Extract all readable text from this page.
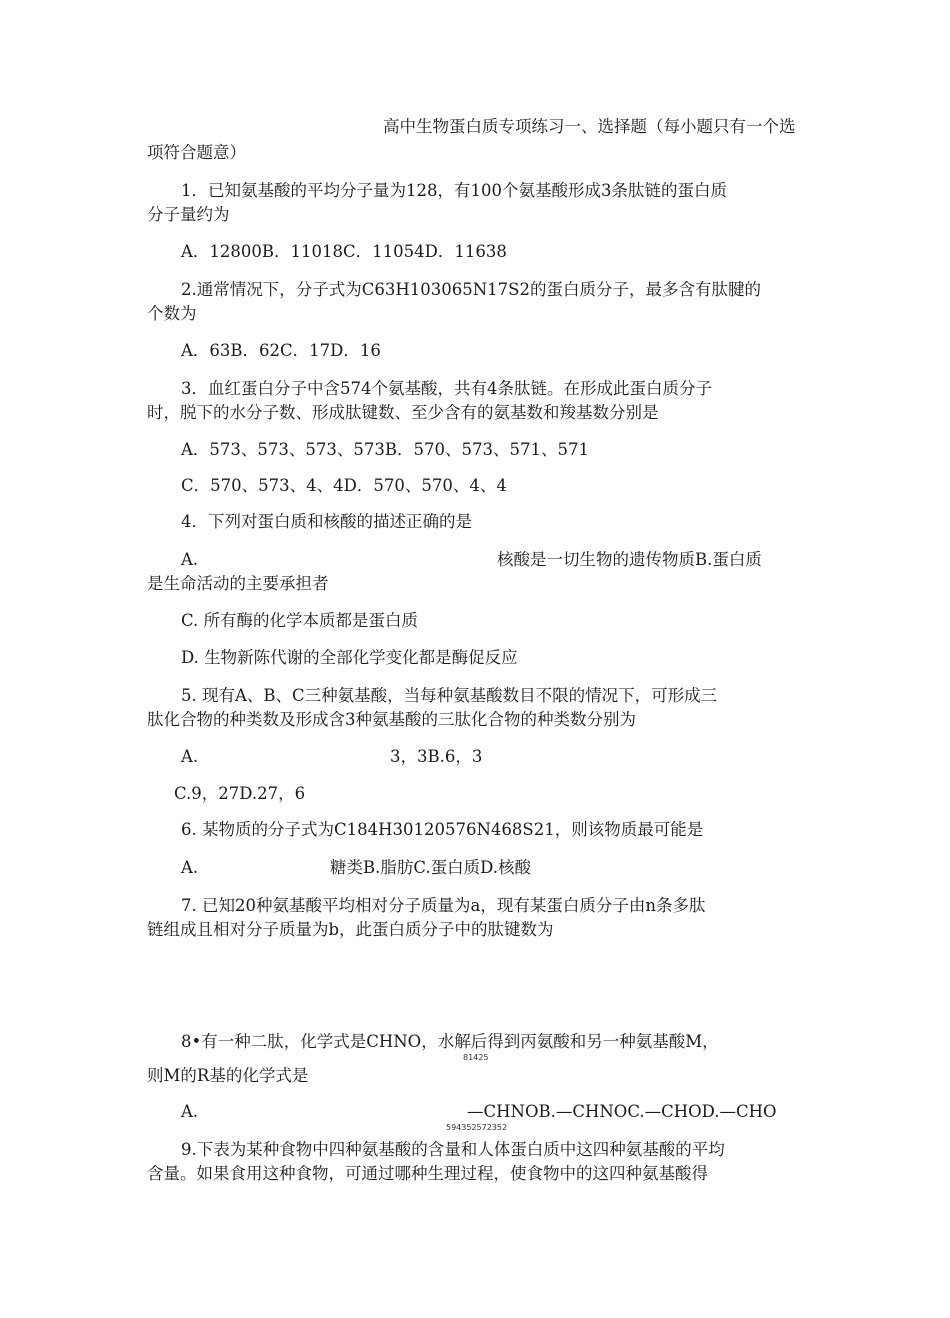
高中生物蛋白质专项练习一、选择题（每小题只有一个选
项符合题意）
1．已知氨基酸的平均分子量为128，有100个氨基酸形成3条肽链的蛋白质
分子量约为
A．12800B．11018C．11054D．11638
2.通常情况下，分子式为C63H103065N17S2的蛋白质分子，最多含有肽腱的
个数为
A．63B．62C．17D．16
3．血红蛋白分子中含574个氨基酸，共有4条肽链。在形成此蛋白质分子
时，脱下的水分子数、形成肽键数、至少含有的氨基数和羧基数分别是
A．573、573、573、573B．570、573、571、571
C．570、573、4、4D．570、570、4、4
4．下列对蛋白质和核酸的描述正确的是
A.	核酸是一切生物的遗传物质B.蛋白质
是生命活动的主要承担者
C. 所有酶的化学本质都是蛋白质
D. 生物新陈代谢的全部化学变化都是酶促反应
5. 现有A、B、C三种氨基酸，当每种氨基酸数目不限的情况下，可形成三
肽化合物的种类数及形成含3种氨基酸的三肽化合物的种类数分别为
A.	3，3B.6，3
C.9，27D.27，6
6. 某物质的分子式为C184H30120576N468S21，则该物质最可能是
A.	糖类B.脂肪C.蛋白质D.核酸
7. 已知20种氨基酸平均相对分子质量为a，现有某蛋白质分子由n条多肽
链组成且相对分子质量为b，此蛋白质分子中的肽键数为
8•有一种二肽，化学式是CHNO，水解后得到丙氨酸和另一种氨基酸M，
81425
则M的R基的化学式是
A.	—CHNOB.—CHNOC.—CHOD.—CHO
594352572352
9.下表为某种食物中四种氨基酸的含量和人体蛋白质中这四种氨基酸的平均
含量。如果食用这种食物，可通过哪种生理过程，使食物中的这四种氨基酸得
